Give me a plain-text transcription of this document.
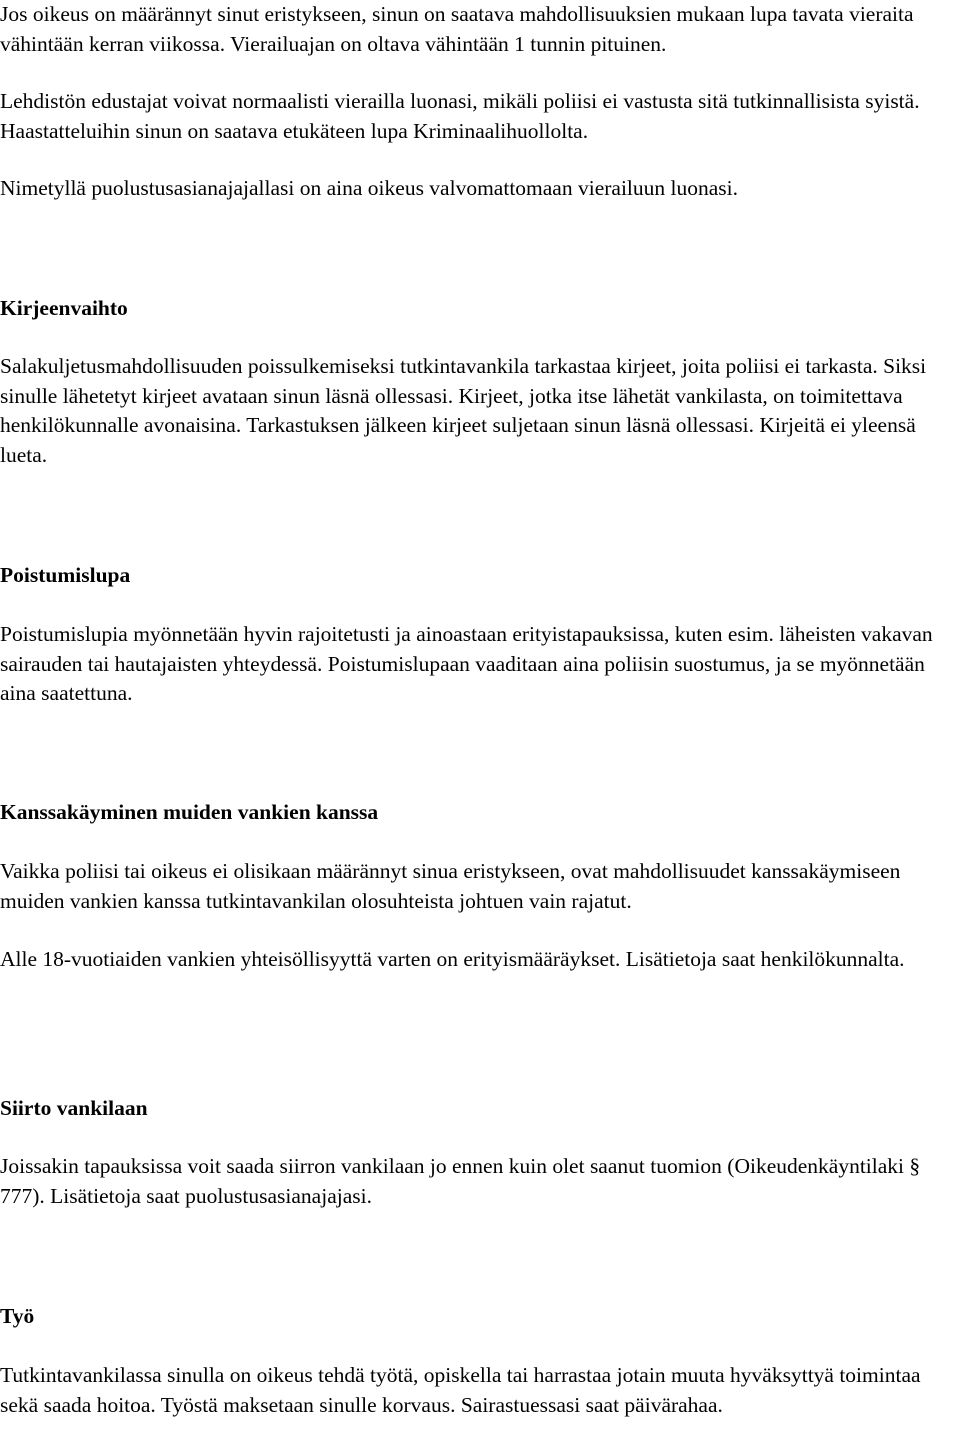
Jos oikeus on määrännyt sinut eristykseen, sinun on saatava mahdollisuuksien mukaan lupa tavata vieraita vähintään kerran viikossa. Vierailuajan on oltava vähintään 1 tunnin pituinen.

Lehdistön edustajat voivat normaalisti vierailla luonasi, mikäli poliisi ei vastusta sitä tutkinnallisista syistä. Haastatteluihin sinun on saatava etukäteen lupa Kriminaalihuollolta.

Nimetyllä puolustusasianajajallasi on aina oikeus valvomattomaan vierailuun luonasi.

Kirjeenvaihto

Salakuljetusmahdollisuuden poissulkemiseksi tutkintavankila tarkastaa kirjeet, joita poliisi ei tarkasta. Siksi sinulle lähetetyt kirjeet avataan sinun läsnä ollessasi. Kirjeet, jotka itse lähetät vankilasta, on toimitettava henkilökunnalle avonaisina. Tarkastuksen jälkeen kirjeet suljetaan sinun läsnä ollessasi. Kirjeitä ei yleensä lueta.

Poistumislupa

Poistumislupia myönnetään hyvin rajoitetusti ja ainoastaan erityistapauksissa, kuten esim. läheisten vakavan sairauden tai hautajaisten yhteydessä. Poistumislupaan vaaditaan aina poliisin suostumus, ja se myönnetään aina saatettuna.

Kanssakäyminen muiden vankien kanssa

Vaikka poliisi tai oikeus ei olisikaan määrännyt sinua eristykseen, ovat mahdollisuudet kanssakäymiseen muiden vankien kanssa tutkintavankilan olosuhteista johtuen vain rajatut.

Alle 18-vuotiaiden vankien yhteisöllisyyttä varten on erityismääräykset. Lisätietoja saat henkilökunnalta.

Siirto vankilaan

Joissakin tapauksissa voit saada siirron vankilaan jo ennen kuin olet saanut tuomion (Oikeudenkäyntilaki § 777). Lisätietoja saat puolustusasianajajasi.

Työ

Tutkintavankilassa sinulla on oikeus tehdä työtä, opiskella tai harrastaa jotain muuta hyväksyttyä toimintaa sekä saada hoitoa. Työstä maksetaan sinulle korvaus. Sairastuessasi saat päivärahaa.
